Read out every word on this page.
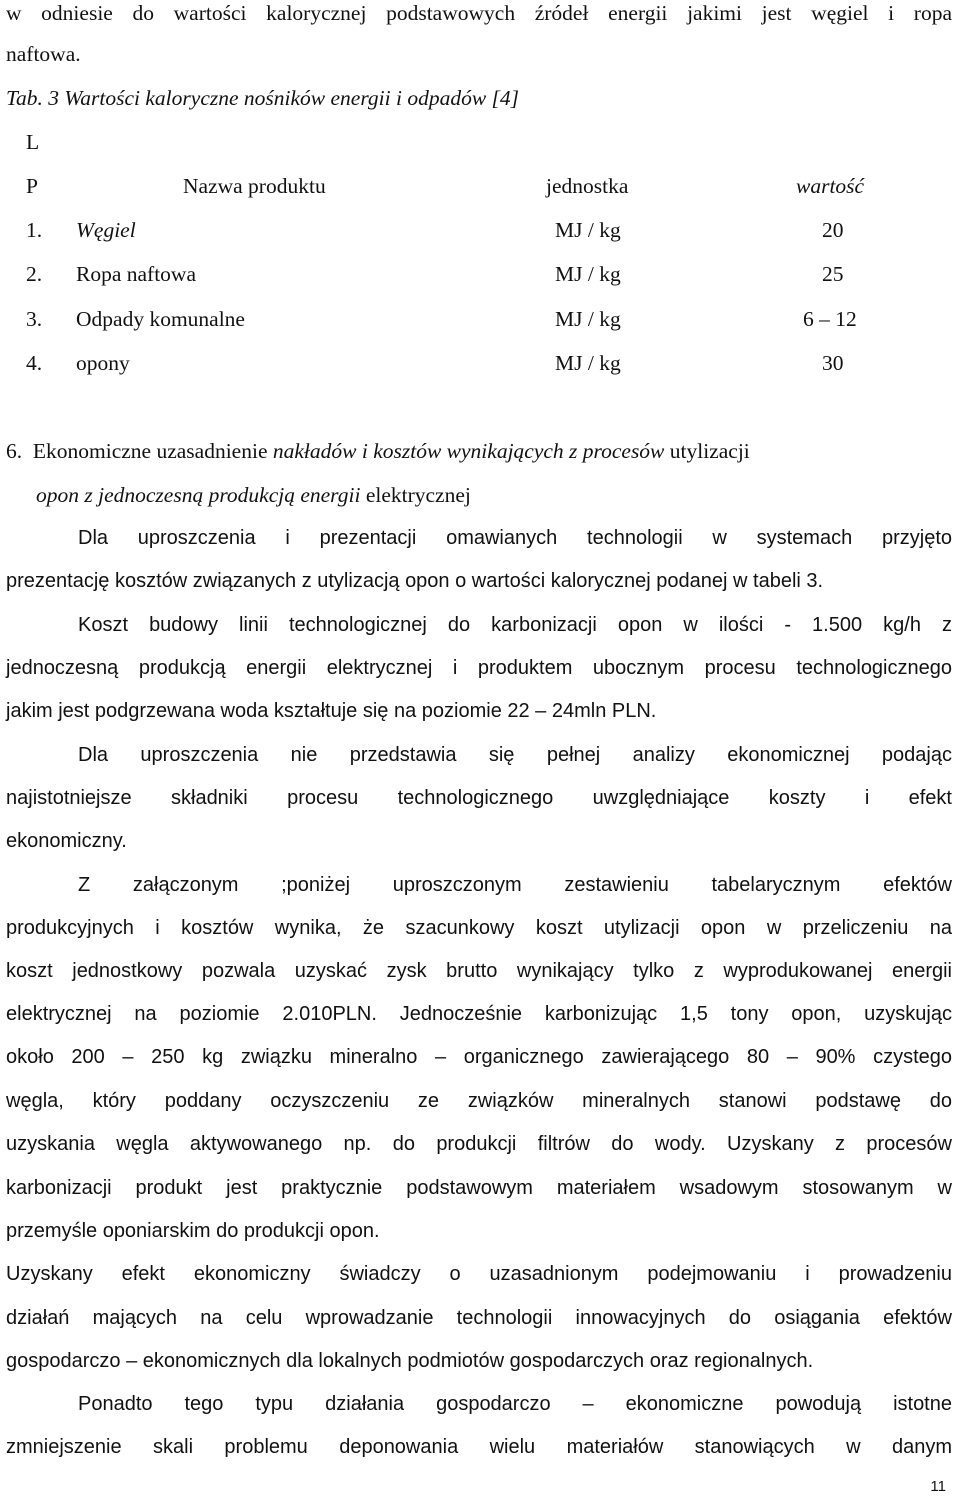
w odniesie do wartości kalorycznej podstawowych źródeł energii jakimi jest węgiel i ropa
naftowa.
Tab. 3 Wartości kaloryczne nośników energii i odpadów [4]
L
P	Nazwa produktu	jednostka	wartość
1. Węgiel	MJ / kg	20
2. Ropa naftowa	MJ / kg	25
3. Odpady komunalne	MJ / kg	6 – 12
4. opony	MJ / kg	30
6. Ekonomiczne uzasadnienie nakładów i kosztów wynikających z procesów utylizacji
opon z jednoczesną produkcją energii elektrycznej
Dla uproszczenia i prezentacji omawianych technologii w systemach przyjęto
prezentację kosztów związanych z utylizacją opon o wartości kalorycznej podanej w tabeli 3.
Koszt budowy linii technologicznej do karbonizacji opon w ilości - 1.500 kg/h z
jednoczesną produkcją energii elektrycznej i produktem ubocznym procesu technologicznego
jakim jest podgrzewana woda kształtuje się na poziomie 22 – 24mln PLN.
Dla uproszczenia nie przedstawia się pełnej analizy ekonomicznej podając
najistotniejsze składniki procesu technologicznego uwzględniające koszty i efekt
ekonomiczny.
Z załączonym ;poniżej uproszczonym zestawieniu tabelarycznym efektów
produkcyjnych i kosztów wynika, że szacunkowy koszt utylizacji opon w przeliczeniu na
koszt jednostkowy pozwala uzyskać zysk brutto wynikający tylko z wyprodukowanej energii
elektrycznej na poziomie 2.010PLN. Jednocześnie karbonizując 1,5 tony opon, uzyskując
około 200 – 250 kg związku mineralno – organicznego zawierającego 80 – 90% czystego
węgla, który poddany oczyszczeniu ze związków mineralnych stanowi podstawę do
uzyskania węgla aktywowanego np. do produkcji filtrów do wody. Uzyskany z procesów
karbonizacji produkt jest praktycznie podstawowym materiałem wsadowym stosowanym w
przemyśle oponiarskim do produkcji opon.
Uzyskany efekt ekonomiczny świadczy o uzasadnionym podejmowaniu i prowadzeniu
działań mających na celu wprowadzanie technologii innowacyjnych do osiągania efektów
gospodarczo – ekonomicznych dla lokalnych podmiotów gospodarczych oraz regionalnych.
Ponadto tego typu działania gospodarczo – ekonomiczne powodują istotne
zmniejszenie skali problemu deponowania wielu materiałów stanowiących w danym
11
